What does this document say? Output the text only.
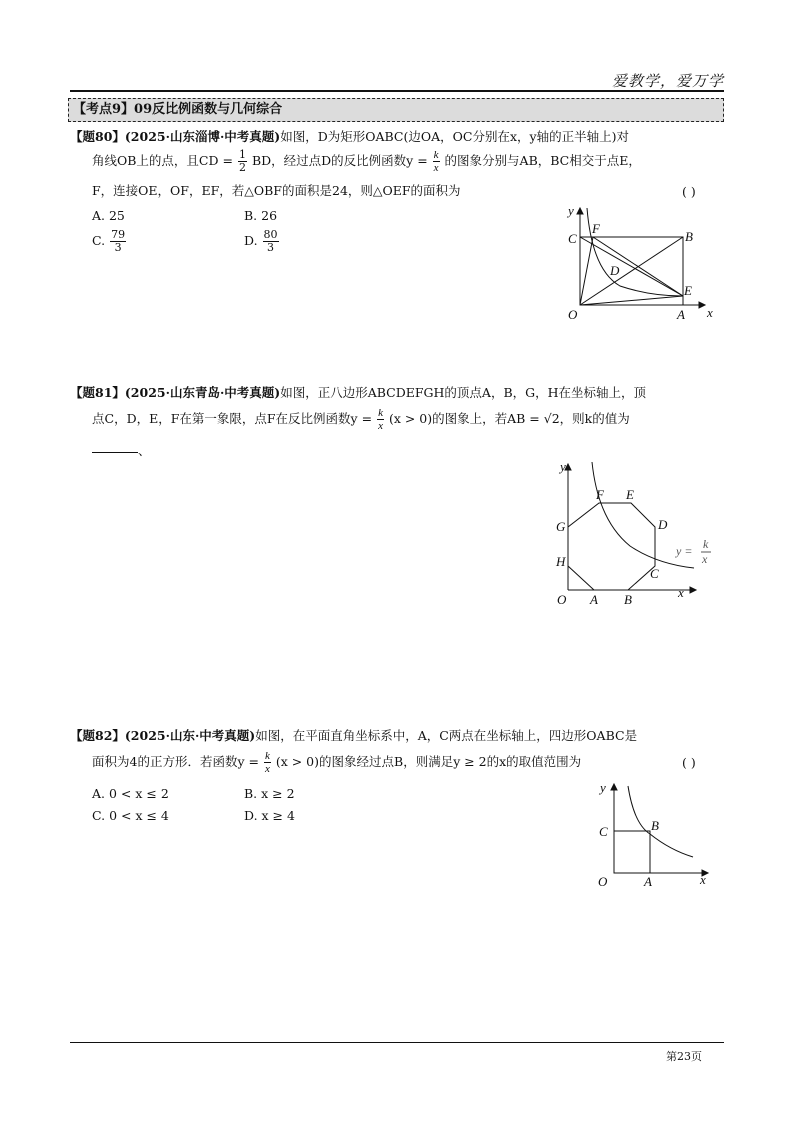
爱教学，爱万学
【考点9】09反比例函数与几何综合
【题80】(2025·山东淄博·中考真题)如图，D为矩形OABC(边OA，OC分别在x，y轴的正半轴上)对
角线OB上的点，且CD = $\frac{1}{2}$ BD，经过点D的反比例函数$y = \frac{k}{x}$ 的图象分别与AB，BC相交于点E，
F，连接OE，OF，EF，若△OBF的面积是24，则△OEF的面积为	( )
A. 25	B. 26
C. $\frac{79}{3}$	D. $\frac{80}{3}$
y
x
O	A
B
C
D
E
F
【题81】(2025·山东青岛·中考真题)如图，正八边形ABCDEFGH的顶点A，B，G，H在坐标轴上，顶
点C，D，E，F在第一象限，点F在反比例函数$y = \frac{k}{x} (x > 0)$的图象上，若AB = √2，则k的值为
、
y
x
O A B
C
D
E
F
G
H
y = k
x
【题82】(2025·山东·中考真题)如图，在平面直角坐标系中，A，C两点在坐标轴上，四边形OABC是
面积为4的正方形．若函数$y = \frac{k}{x} (x > 0)$的图象经过点B，则满足y ≥ 2的x的取值范围为	( )
A. 0 < x ≤ 2	B. x ≥ 2
C. 0 < x ≤ 4	D. x ≥ 4
y
x
O	A
B
C
第23页
